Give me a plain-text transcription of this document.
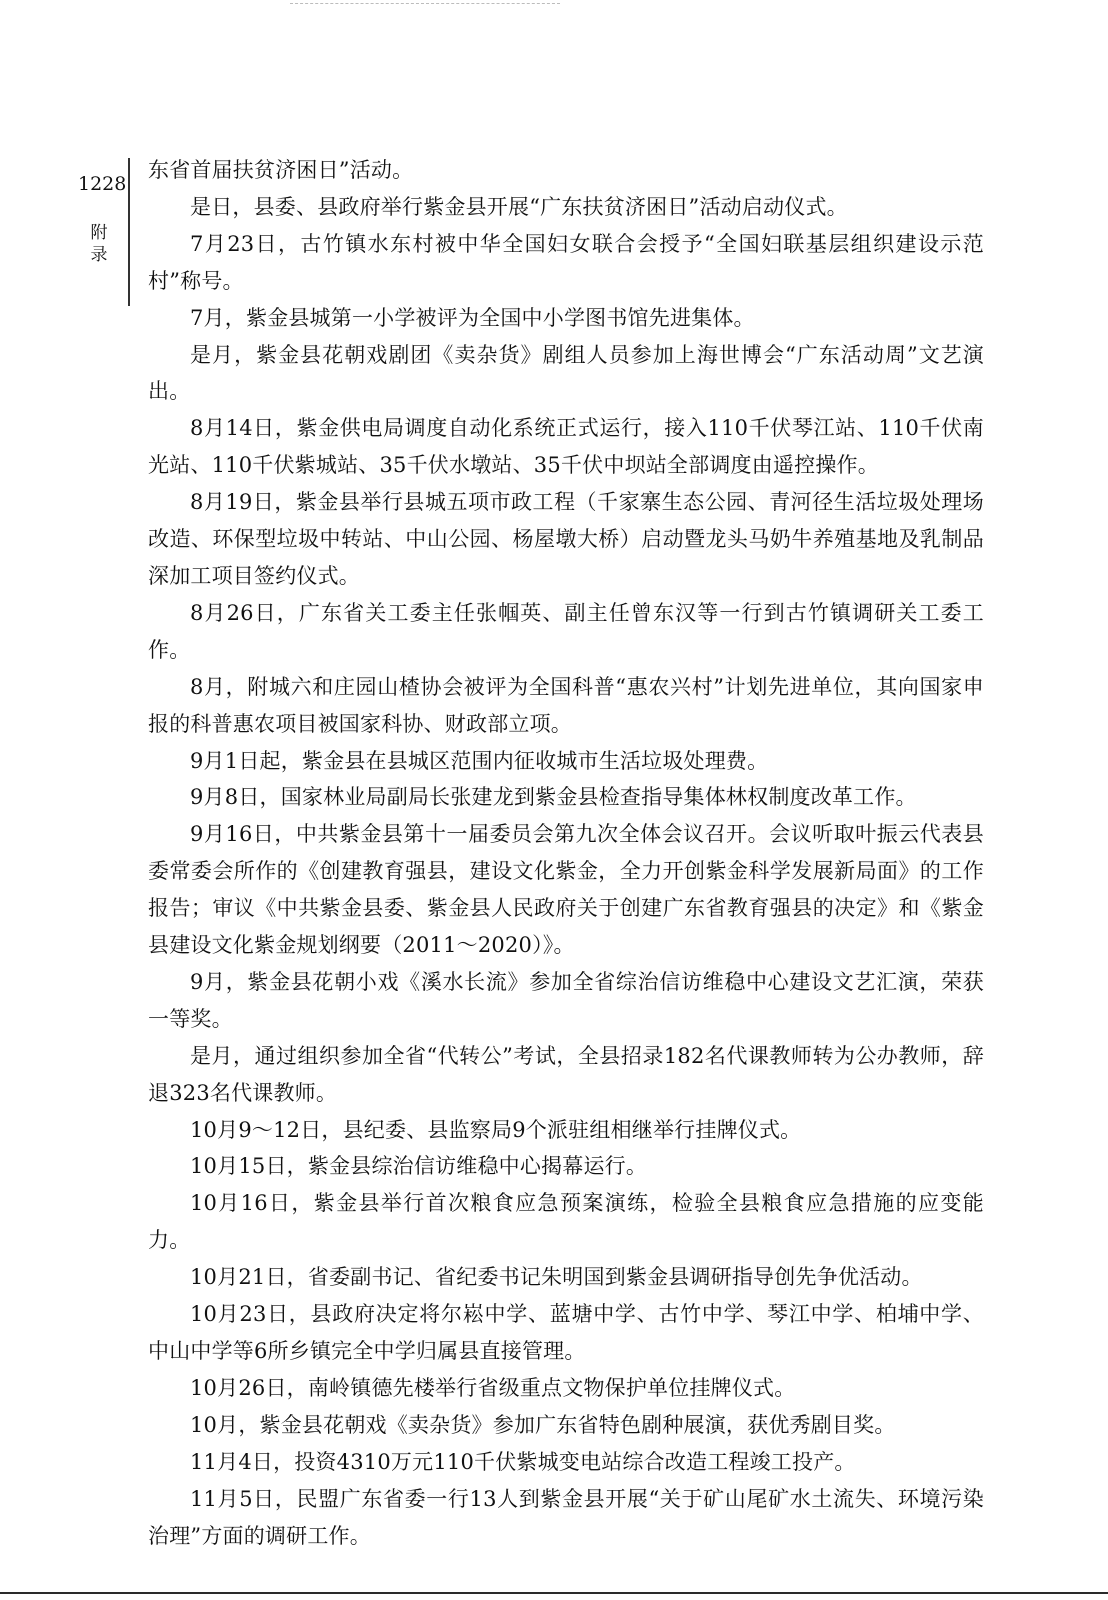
1228
附录

东省首届扶贫济困日”活动。

是日，县委、县政府举行紫金县开展“广东扶贫济困日”活动启动仪式。

7月23日，古竹镇水东村被中华全国妇女联合会授予“全国妇联基层组织建设示范村”称号。

7月，紫金县城第一小学被评为全国中小学图书馆先进集体。

是月，紫金县花朝戏剧团《卖杂货》剧组人员参加上海世博会“广东活动周”文艺演出。

8月14日，紫金供电局调度自动化系统正式运行，接入110千伏琴江站、110千伏南光站、110千伏紫城站、35千伏水墩站、35千伏中坝站全部调度由遥控操作。

8月19日，紫金县举行县城五项市政工程（千家寨生态公园、青河径生活垃圾处理场改造、环保型垃圾中转站、中山公园、杨屋墩大桥）启动暨龙头马奶牛养殖基地及乳制品深加工项目签约仪式。

8月26日，广东省关工委主任张帼英、副主任曾东汉等一行到古竹镇调研关工委工作。

8月，附城六和庄园山楂协会被评为全国科普“惠农兴村”计划先进单位，其向国家申报的科普惠农项目被国家科协、财政部立项。

9月1日起，紫金县在县城区范围内征收城市生活垃圾处理费。

9月8日，国家林业局副局长张建龙到紫金县检查指导集体林权制度改革工作。

9月16日，中共紫金县第十一届委员会第九次全体会议召开。会议听取叶振云代表县委常委会所作的《创建教育强县，建设文化紫金，全力开创紫金科学发展新局面》的工作报告；审议《中共紫金县委、紫金县人民政府关于创建广东省教育强县的决定》和《紫金县建设文化紫金规划纲要（2011～2020）》。

9月，紫金县花朝小戏《溪水长流》参加全省综治信访维稳中心建设文艺汇演，荣获一等奖。

是月，通过组织参加全省“代转公”考试，全县招录182名代课教师转为公办教师，辞退323名代课教师。

10月9～12日，县纪委、县监察局9个派驻组相继举行挂牌仪式。

10月15日，紫金县综治信访维稳中心揭幕运行。

10月16日，紫金县举行首次粮食应急预案演练，检验全县粮食应急措施的应变能力。

10月21日，省委副书记、省纪委书记朱明国到紫金县调研指导创先争优活动。

10月23日，县政府决定将尔崧中学、蓝塘中学、古竹中学、琴江中学、柏埔中学、中山中学等6所乡镇完全中学归属县直接管理。

10月26日，南岭镇德先楼举行省级重点文物保护单位挂牌仪式。

10月，紫金县花朝戏《卖杂货》参加广东省特色剧种展演，获优秀剧目奖。

11月4日，投资4310万元110千伏紫城变电站综合改造工程竣工投产。

11月5日，民盟广东省委一行13人到紫金县开展“关于矿山尾矿水土流失、环境污染治理”方面的调研工作。
